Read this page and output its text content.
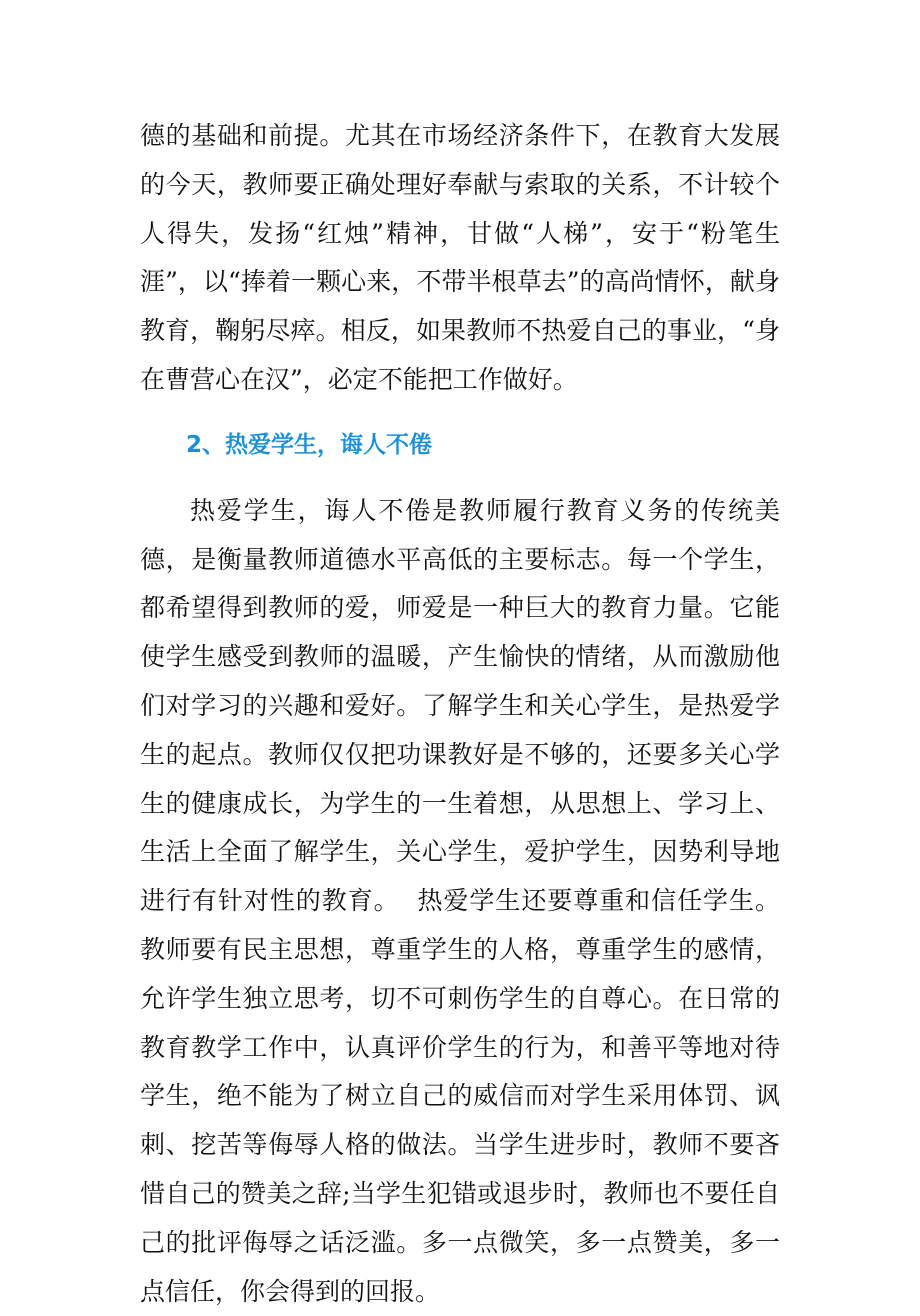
德的基础和前提。尤其在市场经济条件下，在教育大发展的今天，教师要正确处理好奉献与索取的关系，不计较个人得失，发扬“红烛”精神，甘做“人梯”，安于“粉笔生涯”，以“捧着一颗心来，不带半根草去”的高尚情怀，献身教育，鞠躬尽瘁。相反，如果教师不热爱自己的事业，“身在曹营心在汉”，必定不能把工作做好。

2、热爱学生，诲人不倦

热爱学生，诲人不倦是教师履行教育义务的传统美德，是衡量教师道德水平高低的主要标志。每一个学生，都希望得到教师的爱，师爱是一种巨大的教育力量。它能使学生感受到教师的温暖，产生愉快的情绪，从而激励他们对学习的兴趣和爱好。了解学生和关心学生，是热爱学生的起点。教师仅仅把功课教好是不够的，还要多关心学生的健康成长，为学生的一生着想，从思想上、学习上、生活上全面了解学生，关心学生，爱护学生，因势利导地进行有针对性的教育。  热爱学生还要尊重和信任学生。教师要有民主思想，尊重学生的人格，尊重学生的感情，允许学生独立思考，切不可刺伤学生的自尊心。在日常的教育教学工作中，认真评价学生的行为，和善平等地对待学生，绝不能为了树立自己的威信而对学生采用体罚、讽刺、挖苦等侮辱人格的做法。当学生进步时，教师不要吝惜自己的赞美之辞;当学生犯错或退步时，教师也不要任自己的批评侮辱之话泛滥。多一点微笑，多一点赞美，多一点信任，你会得到的回报。
